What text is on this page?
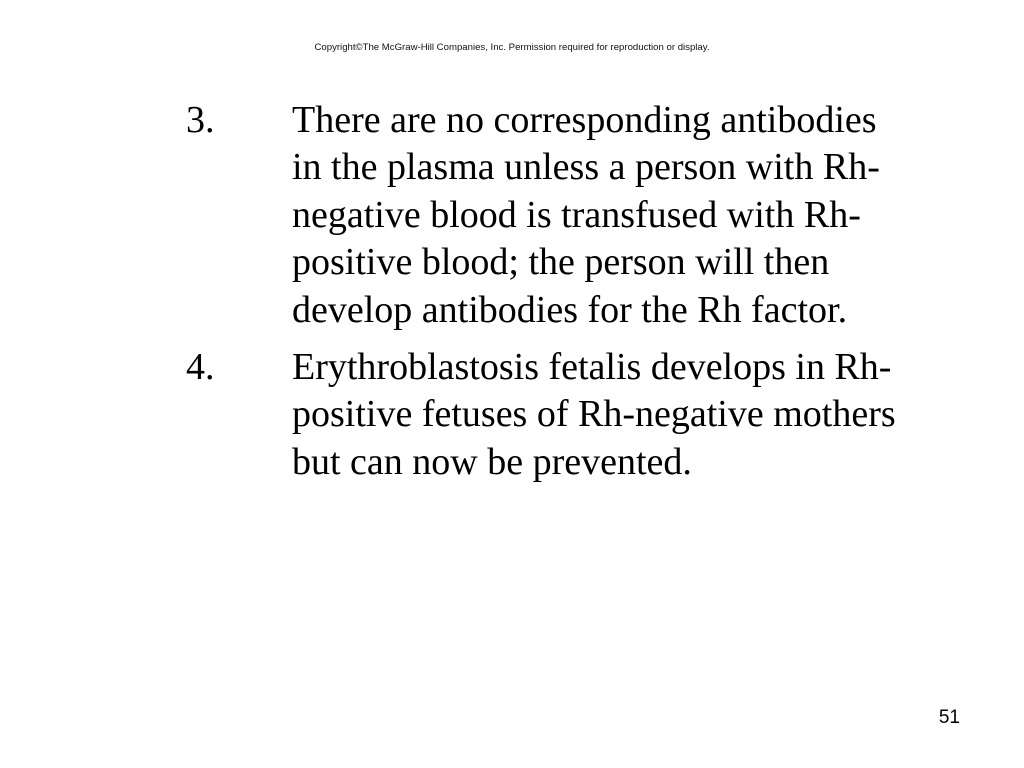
Copyright©The McGraw-Hill Companies, Inc. Permission required for reproduction or display.
3.	There are no corresponding antibodies
in the plasma unless a person with Rh-
negative blood is transfused with Rh-
positive blood; the person will then
develop antibodies for the Rh factor.
4.	Erythroblastosis fetalis develops in Rh-
positive fetuses of Rh-negative mothers
but can now be prevented.
51
